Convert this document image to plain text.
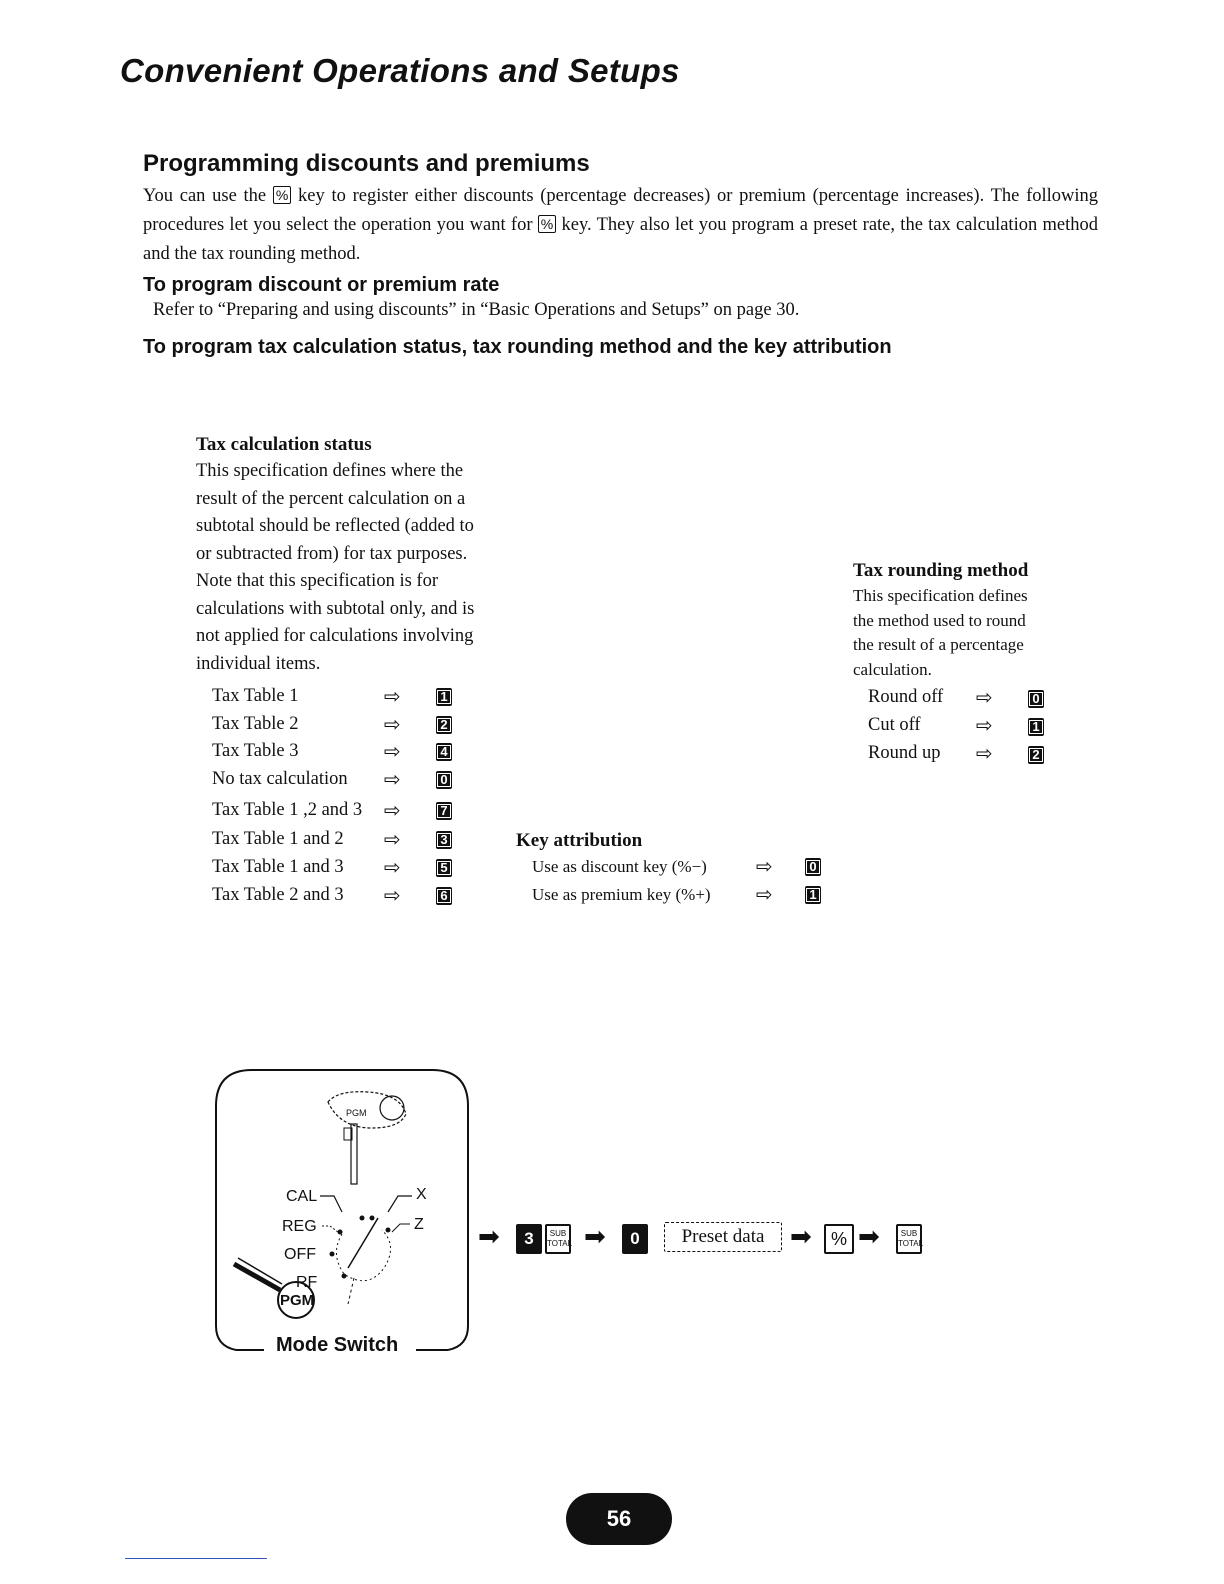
Convenient Operations and Setups
Programming discounts and premiums
You can use the % key to register either discounts (percentage decreases) or premium (percentage increases). The following procedures let you select the operation you want for % key. They also let you program a preset rate, the tax calculation method and the tax rounding method.
To program discount or premium rate
Refer to “Preparing and using discounts” in “Basic Operations and Setups” on page 30.
To program tax calculation status, tax rounding method and the key attribution
Tax calculation status
This specification defines where the
result of the percent calculation on a
subtotal should be reflected (added to
or subtracted from) for tax purposes.
Note that this specification is for
calculations with subtotal only, and is
not applied for calculations involving
individual items.
Tax Table 1	⇨	1
Tax Table 2	⇨	2
Tax Table 3	⇨	4
No tax calculation ⇨	0
Tax Table 1 ,2 and 3 ⇨	7
Tax Table 1 and 2 ⇨	3
Tax Table 1 and 3 ⇨	5
Tax Table 2 and 3 ⇨	6
Tax rounding method
This specification defines
the method used to round
the result of a percentage
calculation.
Round off ⇨	0
Cut off	⇨	1
Round up ⇨	2
Key attribution
Use as discount key (%−) ⇨	0
Use as premium key (%+) ⇨	1
CAL	X
REG	Z
OFF
RF
PGM
PGM
Mode Switch
➡	3	SUB
TOTAL ➡	0	Preset data ➡	% ➡	SUB
TOTAL
56
